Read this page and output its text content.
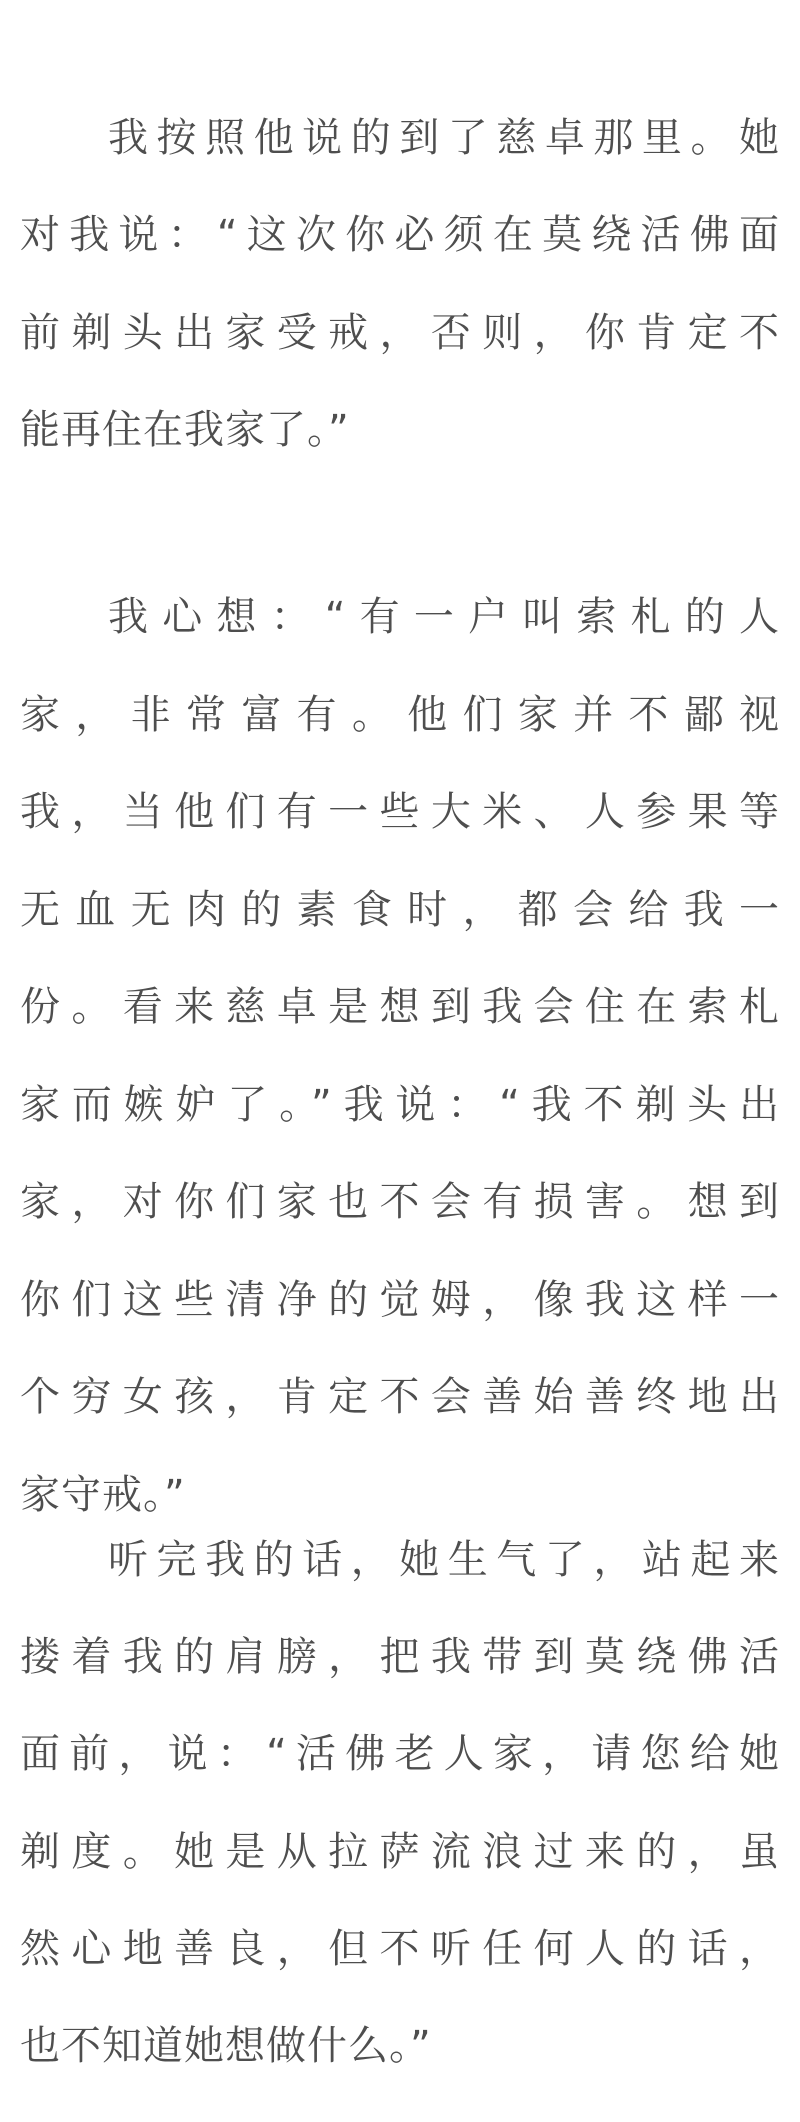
我按照他说的到了慈卓那里。她
对我说：“这次你必须在莫绕活佛面
前剃头出家受戒，否则，你肯定不
能再住在我家了。”
我心想：“有一户叫索札的人
家，非常富有。他们家并不鄙视
我，当他们有一些大米、人参果等
无血无肉的素食时，都会给我一
份。看来慈卓是想到我会住在索札
家而嫉妒了。”我说：“我不剃头出
家，对你们家也不会有损害。想到
你们这些清净的觉姆，像我这样一
个穷女孩，肯定不会善始善终地出
家守戒。”
听完我的话，她生气了，站起来
搂着我的肩膀，把我带到莫绕佛活
面前，说：“活佛老人家，请您给她
剃度。她是从拉萨流浪过来的，虽
然心地善良，但不听任何人的话，
也不知道她想做什么。”
